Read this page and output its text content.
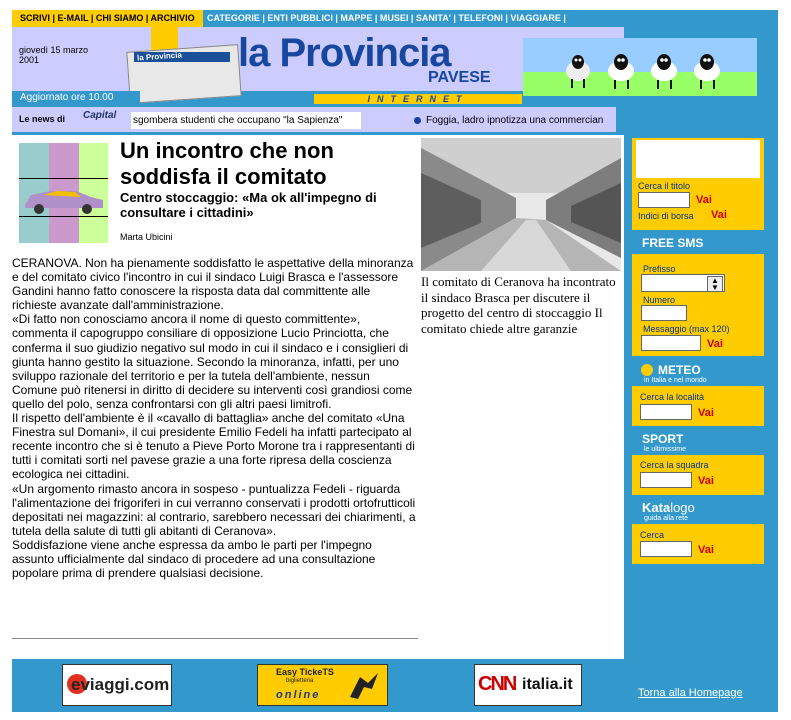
SCRIVI | E-MAIL | CHI SIAMO | ARCHIVIO CATEGORIE | ENTI PUBBLICI | MAPPE | MUSEI | SANITA' | TELEFONI | VIAGGIARE |
giovedì 15 marzo
2001	la Provincia
Aggiornato ore 10.00
la Provincia
PAVESE
INTERNET
Le news di Capital sgombera studenti che occupano "la Sapienza"	Foggia, ladro ipnotizza una commercian
Un incontro che non soddisfa il comitato
Centro stoccaggio: «Ma ok all'impegno di consultare i cittadini»
Marta Ubicini

CERANOVA. Non ha pienamente soddisfatto le aspettative della minoranza e del comitato civico l'incontro in cui il sindaco Luigi Brasca e l'assessore Gandini hanno fatto conoscere la risposta data dal committente alle richieste avanzate dall'amministrazione.

«Di fatto non conosciamo ancora il nome di questo committente», commenta il capogruppo consiliare di opposizione Lucio Princiotta, che conferma il suo giudizio negativo sul modo in cui il sindaco e i consiglieri di giunta hanno gestito la situazione. Secondo la minoranza, infatti, per uno sviluppo razionale del territorio e per la tutela dell'ambiente, nessun Comune può ritenersi in diritto di decidere su interventi così grandiosi come quello del polo, senza confrontarsi con gli altri paesi limitrofi.

Il rispetto dell'ambiente è il «cavallo di battaglia» anche del comitato «Una Finestra sul Domani», il cui presidente Emilio Fedeli ha infatti partecipato al recente incontro che si è tenuto a Pieve Porto Morone tra i rappresentanti di tutti i comitati sorti nel pavese grazie a una forte ripresa della coscienza ecologica nei cittadini.

«Un argomento rimasto ancora in sospeso - puntualizza Fedeli - riguarda l'alimentazione dei frigoriferi in cui verranno conservati i prodotti ortofrutticoli depositati nei magazzini: al contrario, sarebbero necessari dei chiarimenti, a tutela della salute di tutti gli abitanti di Ceranova».

Soddisfazione viene anche espressa da ambo le parti per l'impegno assunto ufficialmente dal sindaco di procedere ad una consultazione popolare prima di prendere qualsiasi decisione.

Il comitato di Ceranova ha incontrato il sindaco Brasca per discutere il progetto del centro di stoccaggio Il comitato chiede altre garanzie
Cerca il titolo
Vai
Indici di borsa Vai
FREE SMS
Prefisso
▲
▼
Numero
Messaggio (max 120)
Vai
METEO
in Italia e nel mondo
Cerca la località
Vai
SPORT
le ultimissime
Cerca la squadra
Vai
Katalogo
guida alla rete
Cerca
Vai
eviaggi.com
Easy TickeTS
biglietteria
online	CNN italia.it	Torna alla Homepage
